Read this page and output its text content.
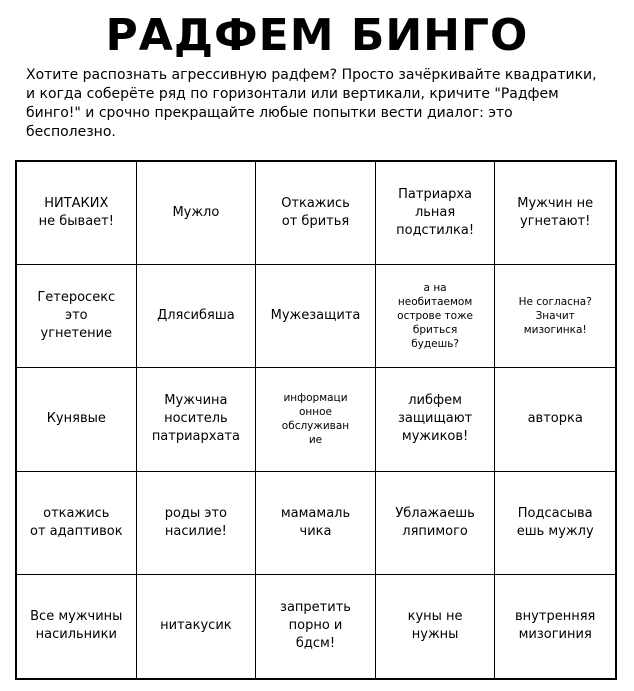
РАДФЕМ БИНГО

Хотите распознать агрессивную радфем? Просто зачёркивайте квадратики, и когда соберёте ряд по горизонтали или вертикали, кричите "Радфем бинго!" и срочно прекращайте любые попытки вести диалог: это бесполезно.

НИТАКИХ
не бывает!
Мужло
Откажись
от бритья
Патриарха
льная
подстилка!
Мужчин не
угнетают!
Гетеросекс
это
угнетение
Длясибяша	Мужезащита
а на
необитаемом
острове тоже
бриться
будешь?
Не согласна?
Значит
мизогинка!
Кунявые
Мужчина
носитель
патриархата
информаци
онное
обслуживан
ие
либфем
защищают
мужиков!
авторка
откажись
от адаптивок
роды это
насилие!
мамамаль
чика
Ублажаешь
ляпимого
Подсасыва
ешь мужлу
Все мужчины
насильники
нитакусик
запретить
порно и
бдсм!
куны не
нужны
внутренняя
мизогиния
